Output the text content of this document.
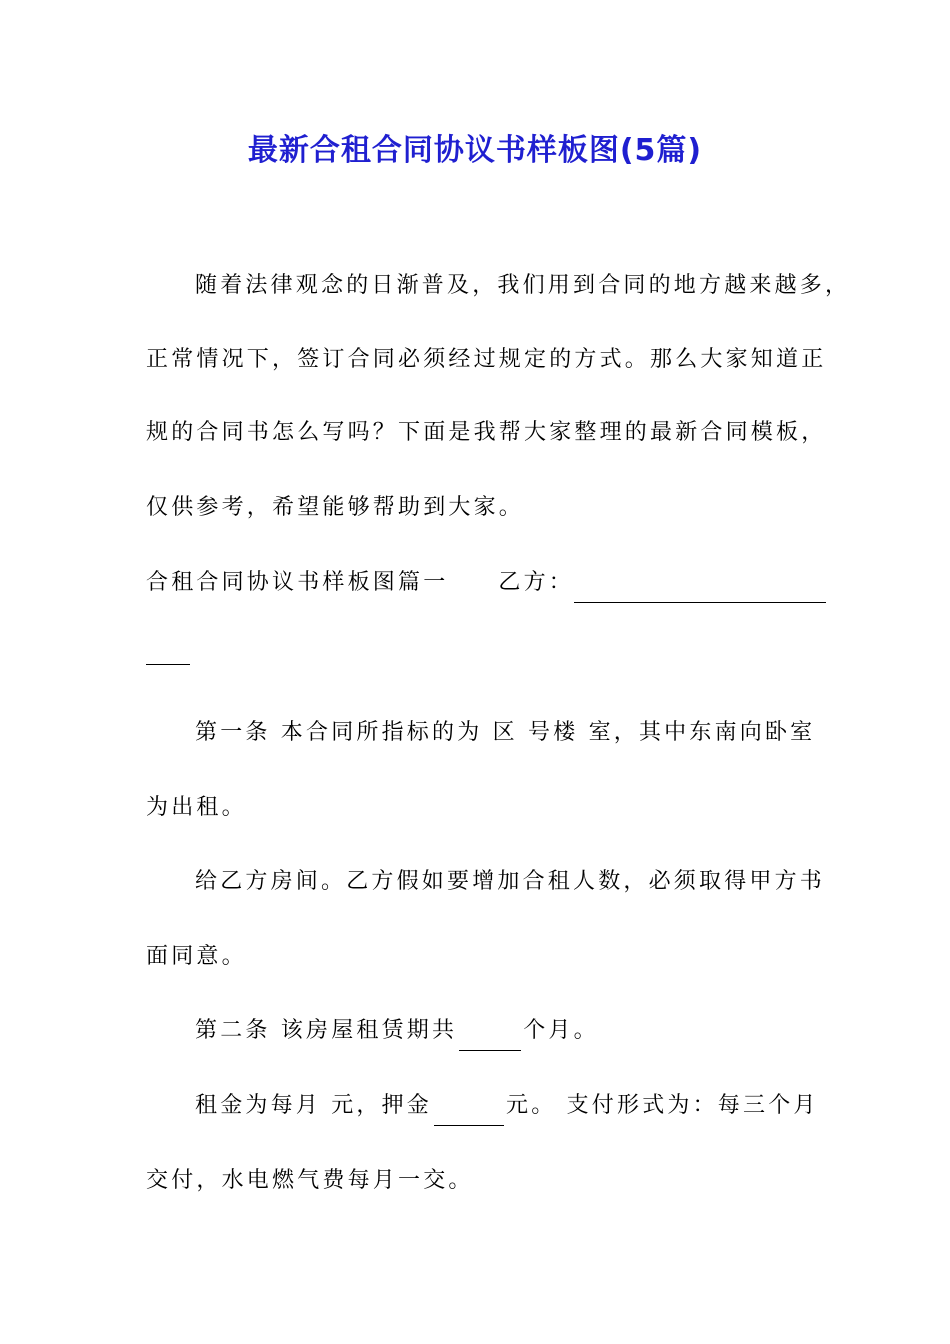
最新合租合同协议书样板图(5篇)
随着法律观念的日渐普及，我们用到合同的地方越来越多，
正常情况下，签订合同必须经过规定的方式。那么大家知道正
规的合同书怎么写吗？下面是我帮大家整理的最新合同模板，
仅供参考，希望能够帮助到大家。
合租合同协议书样板图篇一 乙方：
第一条 本合同所指标的为 区 号楼 室，其中东南向卧室
为出租。
给乙方房间。乙方假如要增加合租人数，必须取得甲方书
面同意。
第二条 该房屋租赁期共	个月。
租金为每月 元，押金	元。 支付形式为：每三个月
交付，水电燃气费每月一交。
